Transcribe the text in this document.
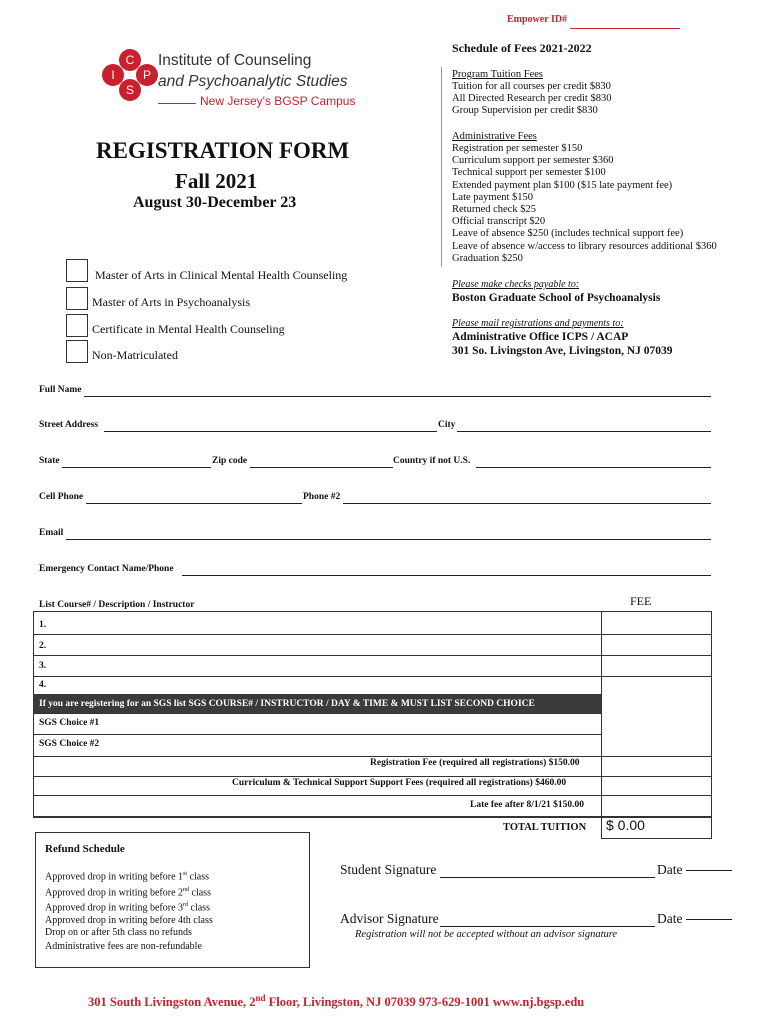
Empower ID#
C
I P
S
Institute of Counseling
and Psychoanalytic Studies
New Jersey's BGSP Campus
REGISTRATION FORM
Fall 2021
August 30-December 23
Schedule of Fees 2021-2022
Program Tuition Fees
Tuition for all courses per credit $830
All Directed Research per credit $830
Group Supervision per credit $830
Administrative Fees
Registration per semester $150
Curriculum support per semester $360
Technical support per semester $100
Extended payment plan $100 ($15 late payment fee)
Late payment $150
Returned check $25
Official transcript $20
Leave of absence $250 (includes technical support fee)
Leave of absence w/access to library resources additional $360
Graduation $250
Please make checks payable to:
Boston Graduate School of Psychoanalysis
Please mail registrations and payments to:
Administrative Office ICPS / ACAP
301 So. Livingston Ave, Livingston, NJ 07039
Master of Arts in Clinical Mental Health Counseling
Master of Arts in Psychoanalysis
Certificate in Mental Health Counseling
Non-Matriculated
Full Name
Street Address	City
State	Zip code	Country if not U.S.
Cell Phone	Phone #2
Email
Emergency Contact Name/Phone
List Course# / Description / Instructor	FEE
1.
2.
3.
4.
If you are registering for an SGS list SGS COURSE# / INSTRUCTOR / DAY & TIME & MUST LIST SECOND CHOICE
SGS Choice #1
SGS Choice #2
Registration Fee (required all registrations) $150.00
Curriculum & Technical Support Support Fees (required all registrations) $460.00
Late fee after 8/1/21 $150.00
TOTAL TUITION $ 0.00
Refund Schedule
Approved drop in writing before 1st class
Approved drop in writing before 2nd class
Approved drop in writing before 3rd class
Approved drop in writing before 4th class
Drop on or after 5th class no refunds
Administrative fees are non-refundable
Student Signature	Date
Advisor Signature	Date
Registration will not be accepted without an advisor signature
301 South Livingston Avenue, 2nd Floor, Livingston, NJ 07039 973-629-1001 www.nj.bgsp.edu
